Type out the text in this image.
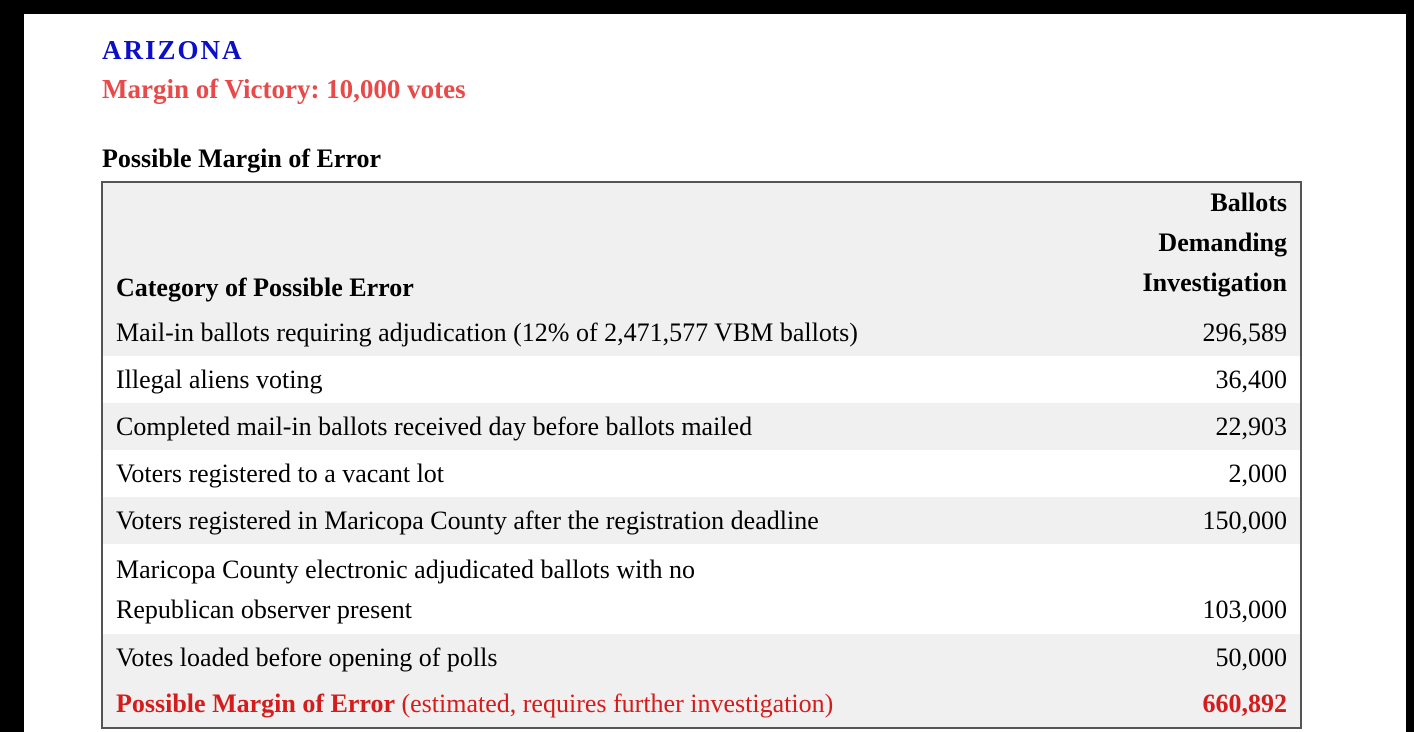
ARIZONA
Margin of Victory: 10,000 votes
Possible Margin of Error
Category of Possible Error	Ballots Demanding
Investigation
Mail-in ballots requiring adjudication (12% of 2,471,577 VBM ballots)	296,589
Illegal aliens voting	36,400
Completed mail-in ballots received day before ballots mailed	22,903
Voters registered to a vacant lot	2,000
Voters registered in Maricopa County after the registration deadline	150,000
Maricopa County electronic adjudicated ballots with no Republican observer present	103,000
Votes loaded before opening of polls	50,000
Possible Margin of Error (estimated, requires further investigation)	660,892
